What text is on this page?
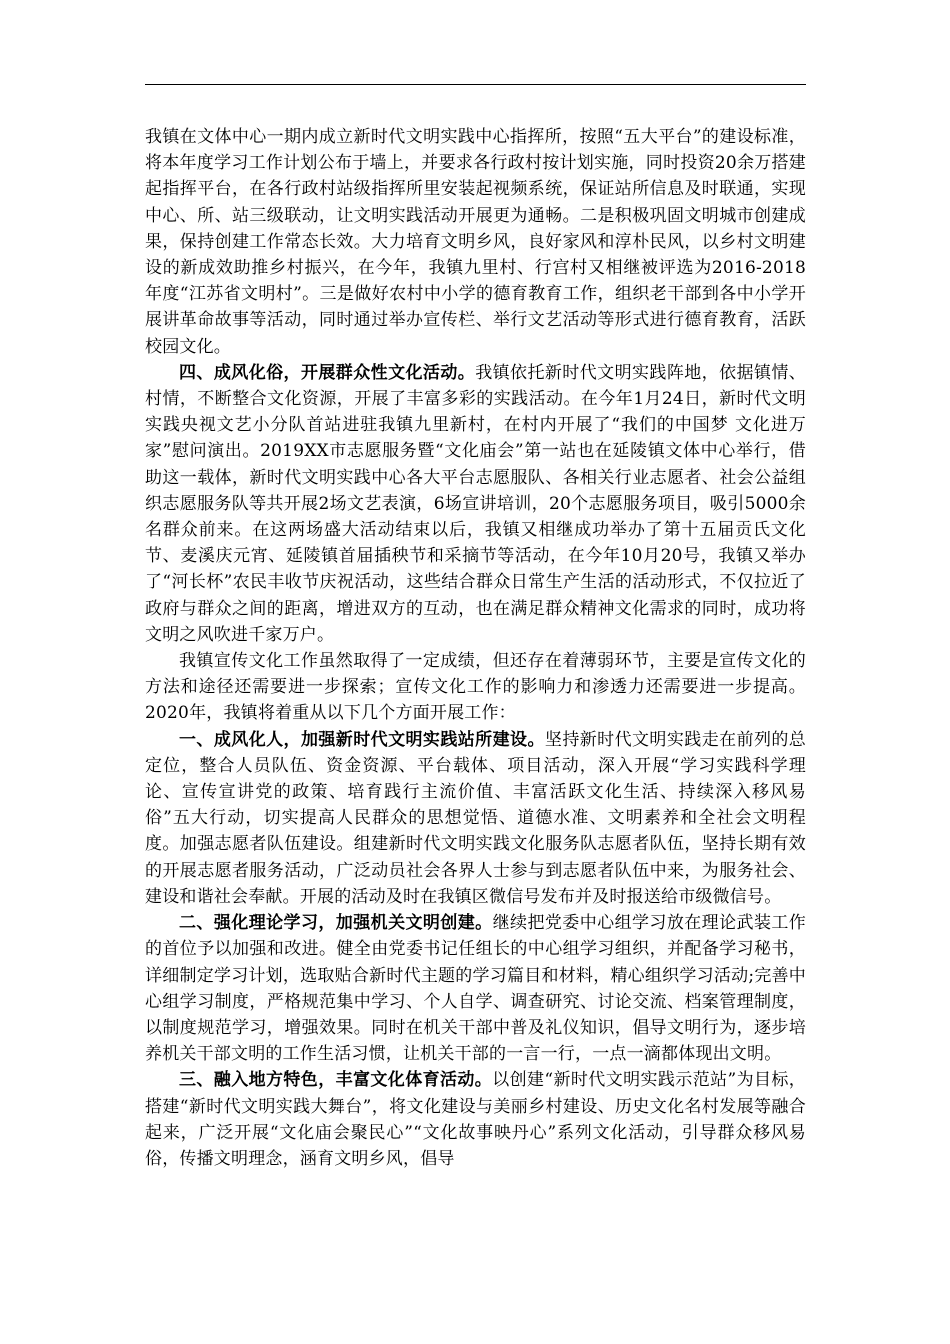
我镇在文体中心一期内成立新时代文明实践中心指挥所，按照“五大平台”的建设标准，将本年度学习工作计划公布于墙上，并要求各行政村按计划实施，同时投资20余万搭建起指挥平台，在各行政村站级指挥所里安装起视频系统，保证站所信息及时联通，实现中心、所、站三级联动，让文明实践活动开展更为通畅。二是积极巩固文明城市创建成果，保持创建工作常态长效。大力培育文明乡风，良好家风和淳朴民风，以乡村文明建设的新成效助推乡村振兴，在今年，我镇九里村、行宫村又相继被评选为2016-2018年度“江苏省文明村”。三是做好农村中小学的德育教育工作，组织老干部到各中小学开展讲革命故事等活动，同时通过举办宣传栏、举行文艺活动等形式进行德育教育，活跃校园文化。

四、成风化俗，开展群众性文化活动。我镇依托新时代文明实践阵地，依据镇情、村情，不断整合文化资源，开展了丰富多彩的实践活动。在今年1月24日，新时代文明实践央视文艺小分队首站进驻我镇九里新村，在村内开展了“我们的中国梦 文化进万家”慰问演出。2019XX市志愿服务暨“文化庙会”第一站也在延陵镇文体中心举行，借助这一载体，新时代文明实践中心各大平台志愿服队、各相关行业志愿者、社会公益组织志愿服务队等共开展2场文艺表演，6场宣讲培训，20个志愿服务项目，吸引5000余名群众前来。在这两场盛大活动结束以后，我镇又相继成功举办了第十五届贡氏文化节、麦溪庆元宵、延陵镇首届插秧节和采摘节等活动，在今年10月20号，我镇又举办了“河长杯”农民丰收节庆祝活动，这些结合群众日常生产生活的活动形式，不仅拉近了政府与群众之间的距离，增进双方的互动，也在满足群众精神文化需求的同时，成功将文明之风吹进千家万户。

我镇宣传文化工作虽然取得了一定成绩，但还存在着薄弱环节，主要是宣传文化的方法和途径还需要进一步探索；宣传文化工作的影响力和渗透力还需要进一步提高。2020年，我镇将着重从以下几个方面开展工作：

一、成风化人，加强新时代文明实践站所建设。坚持新时代文明实践走在前列的总定位，整合人员队伍、资金资源、平台载体、项目活动，深入开展“学习实践科学理论、宣传宣讲党的政策、培育践行主流价值、丰富活跃文化生活、持续深入移风易俗”五大行动，切实提高人民群众的思想觉悟、道德水准、文明素养和全社会文明程度。加强志愿者队伍建设。组建新时代文明实践文化服务队志愿者队伍，坚持长期有效的开展志愿者服务活动，广泛动员社会各界人士参与到志愿者队伍中来，为服务社会、建设和谐社会奉献。开展的活动及时在我镇区微信号发布并及时报送给市级微信号。

二、强化理论学习，加强机关文明创建。继续把党委中心组学习放在理论武装工作的首位予以加强和改进。健全由党委书记任组长的中心组学习组织，并配备学习秘书，详细制定学习计划，选取贴合新时代主题的学习篇目和材料，精心组织学习活动;完善中心组学习制度，严格规范集中学习、个人自学、调查研究、讨论交流、档案管理制度，以制度规范学习，增强效果。同时在机关干部中普及礼仪知识，倡导文明行为，逐步培养机关干部文明的工作生活习惯，让机关干部的一言一行，一点一滴都体现出文明。

三、融入地方特色，丰富文化体育活动。以创建“新时代文明实践示范站”为目标，搭建“新时代文明实践大舞台”，将文化建设与美丽乡村建设、历史文化名村发展等融合起来，广泛开展“文化庙会聚民心”“文化故事映丹心”系列文化活动，引导群众移风易俗，传播文明理念，涵育文明乡风，倡导
